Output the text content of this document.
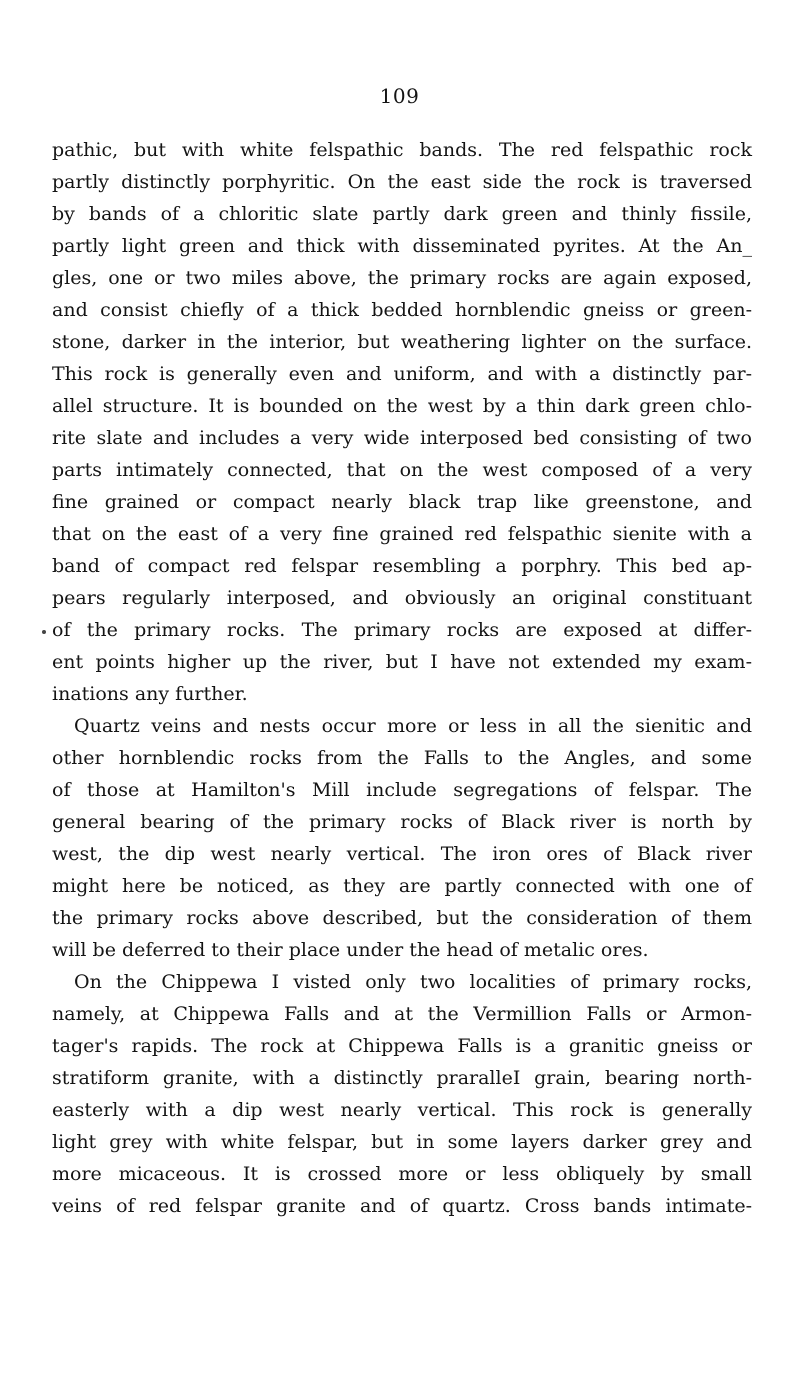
109
pathic, but with white felspathic bands. The red felspathic rock
partly distinctly porphyritic. On the east side the rock is traversed
by bands of a chloritic slate partly dark green and thinly fissile,
partly light green and thick with disseminated pyrites. At the An_
gles, one or two miles above, the primary rocks are again exposed,
and consist chiefly of a thick bedded hornblendic gneiss or green-
stone, darker in the interior, but weathering lighter on the surface.
This rock is generally even and uniform, and with a distinctly par-
allel structure. It is bounded on the west by a thin dark green chlo-
rite slate and includes a very wide interposed bed consisting of two
parts intimately connected, that on the west composed of a very
fine grained or compact nearly black trap like greenstone, and
that on the east of a very fine grained red felspathic sienite with a
band of compact red felspar resembling a porphry. This bed ap-
pears regularly interposed, and obviously an original constituant
of the primary rocks. The primary rocks are exposed at differ-
ent points higher up the river, but I have not extended my exam-
inations any further.
Quartz veins and nests occur more or less in all the sienitic and
other hornblendic rocks from the Falls to the Angles, and some
of those at Hamilton's Mill include segregations of felspar. The
general bearing of the primary rocks of Black river is north by
west, the dip west nearly vertical. The iron ores of Black river
might here be noticed, as they are partly connected with one of
the primary rocks above described, but the consideration of them
will be deferred to their place under the head of metalic ores.
On the Chippewa I visted only two localities of primary rocks,
namely, at Chippewa Falls and at the Vermillion Falls or Armon-
tager's rapids. The rock at Chippewa Falls is a granitic gneiss or
stratiform granite, with a distinctly praralleI grain, bearing north-
easterly with a dip west nearly vertical. This rock is generally
light grey with white felspar, but in some layers darker grey and
more micaceous. It is crossed more or less obliquely by small
veins of red felspar granite and of quartz. Cross bands intimate-
